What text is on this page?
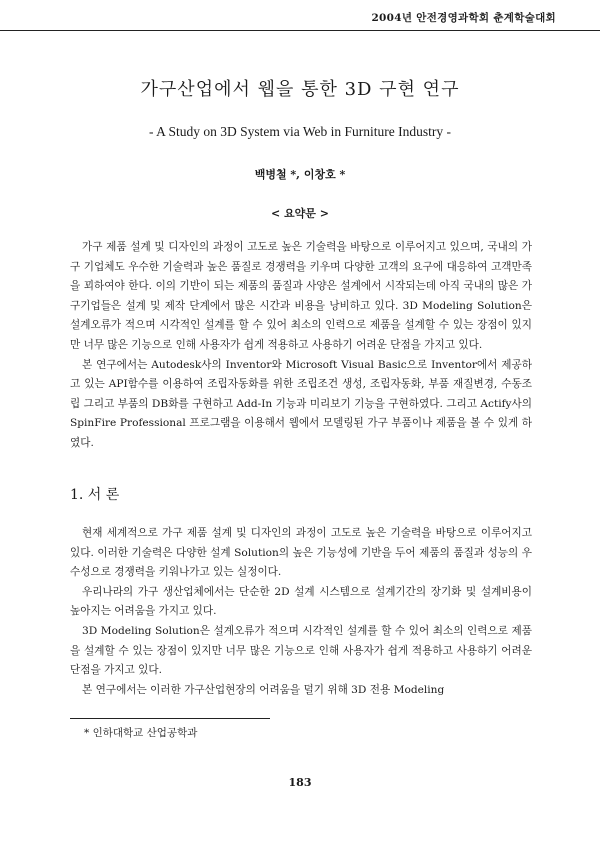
2004년 안전경영과학회 춘계학술대회
가구산업에서 웹을 통한 3D 구현 연구
- A Study on 3D System via Web in Furniture Industry -
백병철 *, 이창호 *
< 요약문 >

가구 제품 설계 및 디자인의 과정이 고도로 높은 기술력을 바탕으로 이루어지고 있으며, 국내의 가구 기업체도 우수한 기술력과 높은 품질로 경쟁력을 키우며 다양한 고객의 요구에 대응하여 고객만족을 꾀하여야 한다. 이의 기반이 되는 제품의 품질과 사양은 설계에서 시작되는데 아직 국내의 많은 가구기업들은 설계 및 제작 단계에서 많은 시간과 비용을 낭비하고 있다. 3D Modeling Solution은 설계오류가 적으며 시각적인 설계를 할 수 있어 최소의 인력으로 제품을 설계할 수 있는 장점이 있지만 너무 많은 기능으로 인해 사용자가 쉽게 적용하고 사용하기 어려운 단점을 가지고 있다.

본 연구에서는 Autodesk사의 Inventor와 Microsoft Visual Basic으로 Inventor에서 제공하고 있는 API함수를 이용하여 조립자동화를 위한 조립조건 생성, 조립자동화, 부품 재질변경, 수동조립 그리고 부품의 DB화를 구현하고 Add-In 기능과 미리보기 기능을 구현하였다. 그리고 Actify사의 SpinFire Professional 프로그램을 이용해서 웹에서 모델링된 가구 부품이나 제품을 볼 수 있게 하였다.

1. 서 론

현재 세계적으로 가구 제품 설계 및 디자인의 과정이 고도로 높은 기술력을 바탕으로 이루어지고 있다. 이러한 기술력은 다양한 설계 Solution의 높은 기능성에 기반을 두어 제품의 품질과 성능의 우수성으로 경쟁력을 키워나가고 있는 실정이다.

우리나라의 가구 생산업체에서는 단순한 2D 설계 시스템으로 설계기간의 장기화 및 설계비용이 높아지는 어려움을 가지고 있다.

3D Modeling Solution은 설계오류가 적으며 시각적인 설계를 할 수 있어 최소의 인력으로 제품을 설계할 수 있는 장점이 있지만 너무 많은 기능으로 인해 사용자가 쉽게 적용하고 사용하기 어려운 단점을 가지고 있다.

본 연구에서는 이러한 가구산업현장의 어려움을 덜기 위해 3D 전용 Modeling

* 인하대학교 산업공학과
183
